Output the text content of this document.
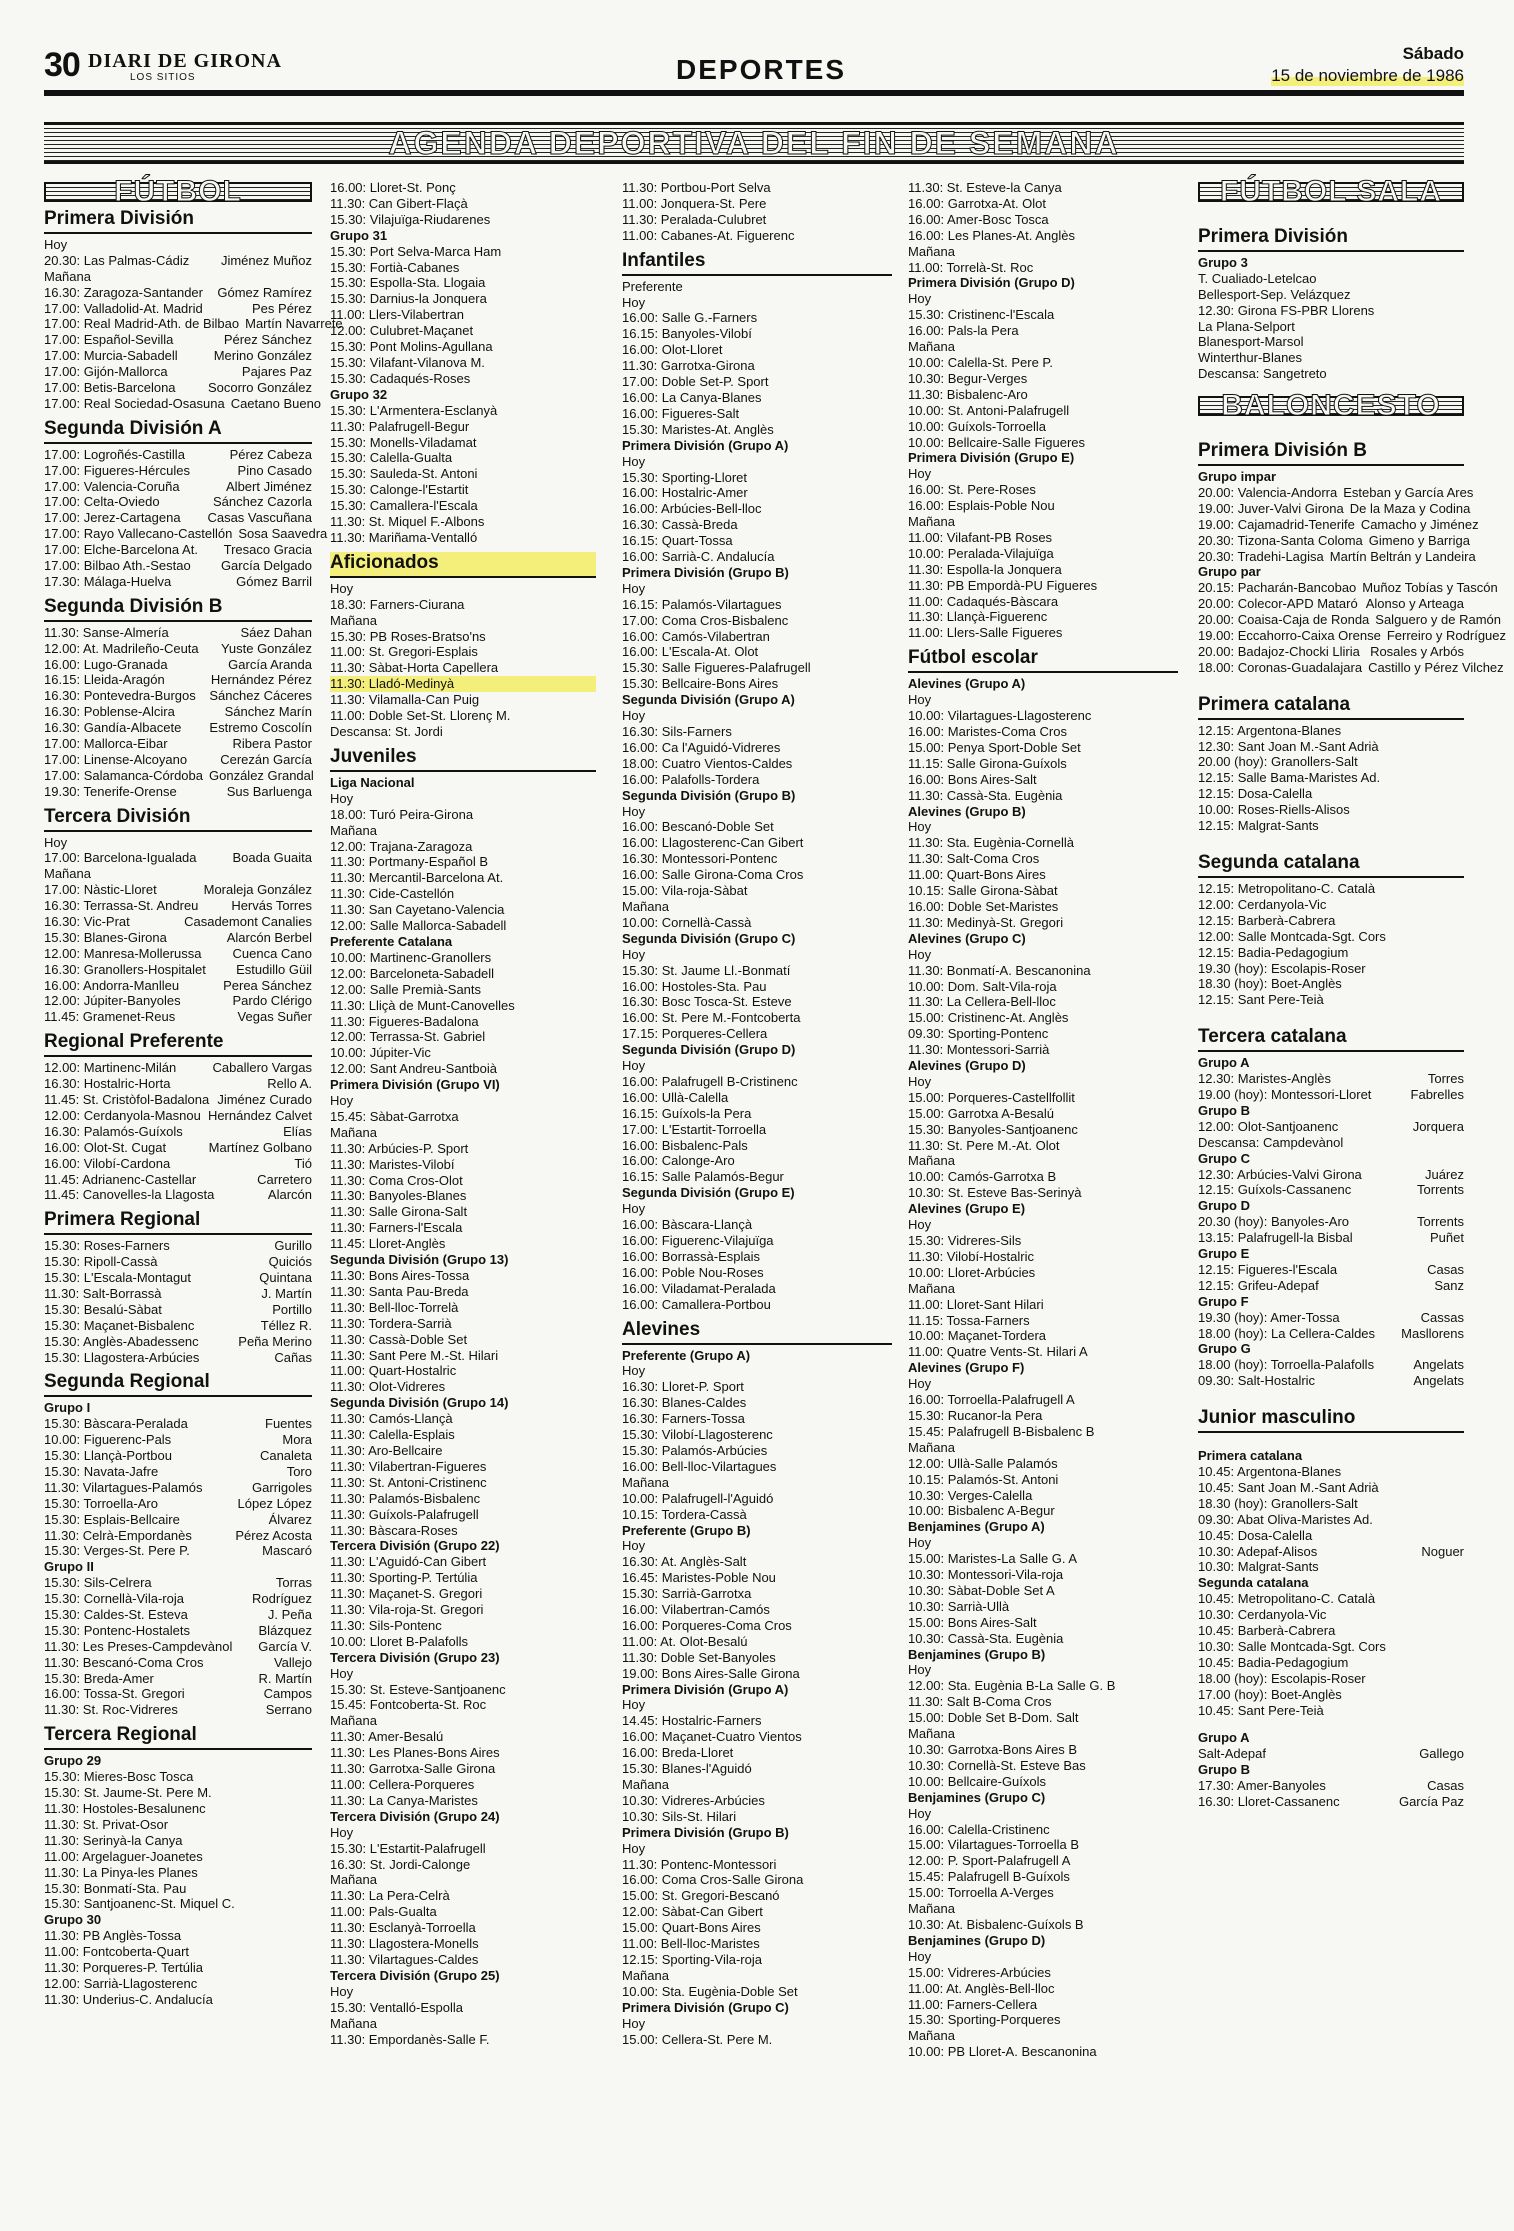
30 DIARI DE GIRONA
LOS SITIOS	DEPORTES
Sábado
15 de noviembre de 1986
AGENDA DEPORTIVA DEL FIN DE SEMANA
FÚTBOL
Primera División
Hoy
20.30: Las Palmas-Cádiz	Jiménez Muñoz
Mañana
16.30: Zaragoza-Santander	Gómez Ramírez
17.00: Valladolid-At. Madrid	Pes Pérez
17.00: Real Madrid-Ath. de Bilbao Martín Navarrete
17.00: Español-Sevilla	Pérez Sánchez
17.00: Murcia-Sabadell	Merino González
17.00: Gijón-Mallorca	Pajares Paz
17.00: Betis-Barcelona	Socorro González
17.00: Real Sociedad-Osasuna Caetano Bueno
Segunda División A
17.00: Logroñés-Castilla	Pérez Cabeza
17.00: Figueres-Hércules	Pino Casado
17.00: Valencia-Coruña	Albert Jiménez
17.00: Celta-Oviedo	Sánchez Cazorla
17.00: Jerez-Cartagena	Casas Vascuñana
17.00: Rayo Vallecano-Castellón Sosa Saavedra
17.00: Elche-Barcelona At.	Tresaco Gracia
17.00: Bilbao Ath.-Sestao	García Delgado
17.30: Málaga-Huelva	Gómez Barril
Segunda División B
11.30: Sanse-Almería	Sáez Dahan
12.00: At. Madrileño-Ceuta	Yuste González
16.00: Lugo-Granada	García Aranda
16.15: Lleida-Aragón	Hernández Pérez
16.30: Pontevedra-Burgos	Sánchez Cáceres
16.30: Poblense-Alcira	Sánchez Marín
16.30: Gandía-Albacete	Estremo Coscolín
17.00: Mallorca-Eibar	Ribera Pastor
17.00: Linense-Alcoyano	Cerezán García
17.00: Salamanca-Córdoba González Grandal
19.30: Tenerife-Orense	Sus Barluenga
Tercera División
Hoy
17.00: Barcelona-Igualada	Boada Guaita
Mañana
17.00: Nàstic-Lloret	Moraleja González
16.30: Terrassa-St. Andreu	Hervás Torres
16.30: Vic-Prat	Casademont Canalies
15.30: Blanes-Girona	Alarcón Berbel
12.00: Manresa-Mollerussa	Cuenca Cano
16.30: Granollers-Hospitalet	Estudillo Güil
16.00: Andorra-Manlleu	Perea Sánchez
12.00: Júpiter-Banyoles	Pardo Clérigo
11.45: Gramenet-Reus	Vegas Suñer
Regional Preferente
12.00: Martinenc-Milán	Caballero Vargas
16.30: Hostalric-Horta	Rello A.
11.45: St. Cristòfol-Badalona Jiménez Curado
12.00: Cerdanyola-Masnou Hernández Calvet
16.30: Palamós-Guíxols	Elías
16.00: Olot-St. Cugat	Martínez Golbano
16.00: Vilobí-Cardona	Tió
11.45: Adrianenc-Castellar	Carretero
11.45: Canovelles-la Llagosta	Alarcón
Primera Regional
15.30: Roses-Farners	Gurillo
15.30: Ripoll-Cassà	Quiciós
15.30: L'Escala-Montagut	Quintana
11.30: Salt-Borrassà	J. Martín
15.30: Besalú-Sàbat	Portillo
15.30: Maçanet-Bisbalenc	Téllez R.
15.30: Anglès-Abadessenc	Peña Merino
15.30: Llagostera-Arbúcies	Cañas
Segunda Regional
Grupo I
15.30: Bàscara-Peralada	Fuentes
10.00: Figuerenc-Pals	Mora
15.30: Llançà-Portbou	Canaleta
15.30: Navata-Jafre	Toro
11.30: Vilartagues-Palamós	Garrigoles
15.30: Torroella-Aro	López López
15.30: Esplais-Bellcaire	Álvarez
11.30: Celrà-Empordanès	Pérez Acosta
15.30: Verges-St. Pere P.	Mascaró
Grupo II
15.30: Sils-Celrera	Torras
15.30: Cornellà-Vila-roja	Rodríguez
15.30: Caldes-St. Esteva	J. Peña
15.30: Pontenc-Hostalets	Blázquez
11.30: Les Preses-Campdevànol	García V.
11.30: Bescanó-Coma Cros	Vallejo
15.30: Breda-Amer	R. Martín
16.00: Tossa-St. Gregori	Campos
11.30: St. Roc-Vidreres	Serrano
Tercera Regional
Grupo 29
15.30: Mieres-Bosc Tosca
15.30: St. Jaume-St. Pere M.
11.30: Hostoles-Besalunenc
11.30: St. Privat-Osor
11.30: Serinyà-la Canya
11.00: Argelaguer-Joanetes
11.30: La Pinya-les Planes
15.30: Bonmatí-Sta. Pau
15.30: Santjoanenc-St. Miquel C.
Grupo 30
11.30: PB Anglès-Tossa
11.00: Fontcoberta-Quart
11.30: Porqueres-P. Tertúlia
12.00: Sarrià-Llagosterenc
11.30: Underius-C. Andalucía
16.00: Lloret-St. Ponç
11.30: Can Gibert-Flaçà
15.30: Vilajuïga-Riudarenes
Grupo 31
15.30: Port Selva-Marca Ham
15.30: Fortià-Cabanes
15.30: Espolla-Sta. Llogaia
15.30: Darnius-la Jonquera
11.00: Llers-Vilabertran
12.00: Culubret-Maçanet
15.30: Pont Molins-Agullana
15.30: Vilafant-Vilanova M.
15.30: Cadaqués-Roses
Grupo 32
15.30: L'Armentera-Esclanyà
11.30: Palafrugell-Begur
15.30: Monells-Viladamat
15.30: Calella-Gualta
15.30: Sauleda-St. Antoni
15.30: Calonge-l'Estartit
15.30: Camallera-l'Escala
11.30: St. Miquel F.-Albons
11.30: Mariñama-Ventalló
Aficionados
Hoy
18.30: Farners-Ciurana
Mañana
15.30: PB Roses-Bratso'ns
11.00: St. Gregori-Esplais
11.30: Sàbat-Horta Capellera
11.30: Lladó-Medinyà
11.30: Vilamalla-Can Puig
11.00: Doble Set-St. Llorenç M.
Descansa: St. Jordi
Juveniles
Liga Nacional
Hoy
18.00: Turó Peira-Girona
Mañana
12.00: Trajana-Zaragoza
11.30: Portmany-Español B
11.30: Mercantil-Barcelona At.
11.30: Cide-Castellón
11.30: San Cayetano-Valencia
12.00: Salle Mallorca-Sabadell
Preferente Catalana
10.00: Martinenc-Granollers
12.00: Barceloneta-Sabadell
12.00: Salle Premià-Sants
11.30: Lliçà de Munt-Canovelles
11.30: Figueres-Badalona
12.00: Terrassa-St. Gabriel
10.00: Júpiter-Vic
12.00: Sant Andreu-Santboià
Primera División (Grupo VI)
Hoy
15.45: Sàbat-Garrotxa
Mañana
11.30: Arbúcies-P. Sport
11.30: Maristes-Vilobí
11.30: Coma Cros-Olot
11.30: Banyoles-Blanes
11.30: Salle Girona-Salt
11.30: Farners-l'Escala
11.45: Lloret-Anglès
Segunda División (Grupo 13)
11.30: Bons Aires-Tossa
11.30: Santa Pau-Breda
11.30: Bell-lloc-Torrelà
11.30: Tordera-Sarrià
11.30: Cassà-Doble Set
11.30: Sant Pere M.-St. Hilari
11.00: Quart-Hostalric
11.30: Olot-Vidreres
Segunda División (Grupo 14)
11.30: Camós-Llançà
11.30: Calella-Esplais
11.30: Aro-Bellcaire
11.30: Vilabertran-Figueres
11.30: St. Antoni-Cristinenc
11.30: Palamós-Bisbalenc
11.30: Guíxols-Palafrugell
11.30: Bàscara-Roses
Tercera División (Grupo 22)
11.30: L'Aguidó-Can Gibert
11.30: Sporting-P. Tertúlia
11.30: Maçanet-S. Gregori
11.30: Vila-roja-St. Gregori
11.30: Sils-Pontenc
10.00: Lloret B-Palafolls
Tercera División (Grupo 23)
Hoy
15.30: St. Esteve-Santjoanenc
15.45: Fontcoberta-St. Roc
Mañana
11.30: Amer-Besalú
11.30: Les Planes-Bons Aires
11.30: Garrotxa-Salle Girona
11.00: Cellera-Porqueres
11.30: La Canya-Maristes
Tercera División (Grupo 24)
Hoy
15.30: L'Estartit-Palafrugell
16.30: St. Jordi-Calonge
Mañana
11.30: La Pera-Celrà
11.00: Pals-Gualta
11.30: Esclanyà-Torroella
11.30: Llagostera-Monells
11.30: Vilartagues-Caldes
Tercera División (Grupo 25)
Hoy
15.30: Ventalló-Espolla
Mañana
11.30: Empordanès-Salle F.
11.30: Portbou-Port Selva
11.00: Jonquera-St. Pere
11.30: Peralada-Culubret
11.00: Cabanes-At. Figuerenc
Infantiles
Preferente
Hoy
16.00: Salle G.-Farners
16.15: Banyoles-Vilobí
16.00: Olot-Lloret
11.30: Garrotxa-Girona
17.00: Doble Set-P. Sport
16.00: La Canya-Blanes
16.00: Figueres-Salt
15.30: Maristes-At. Anglès
Primera División (Grupo A)
Hoy
15.30: Sporting-Lloret
16.00: Hostalric-Amer
16.00: Arbúcies-Bell-lloc
16.30: Cassà-Breda
16.15: Quart-Tossa
16.00: Sarrià-C. Andalucía
Primera División (Grupo B)
Hoy
16.15: Palamós-Vilartagues
17.00: Coma Cros-Bisbalenc
16.00: Camós-Vilabertran
16.00: L'Escala-At. Olot
15.30: Salle Figueres-Palafrugell
15.30: Bellcaire-Bons Aires
Segunda División (Grupo A)
Hoy
16.30: Sils-Farners
16.00: Ca l'Aguidó-Vidreres
18.00: Cuatro Vientos-Caldes
16.00: Palafolls-Tordera
Segunda División (Grupo B)
Hoy
16.00: Bescanó-Doble Set
16.00: Llagosterenc-Can Gibert
16.30: Montessori-Pontenc
16.00: Salle Girona-Coma Cros
15.00: Vila-roja-Sàbat
Mañana
10.00: Cornellà-Cassà
Segunda División (Grupo C)
Hoy
15.30: St. Jaume Ll.-Bonmatí
16.00: Hostoles-Sta. Pau
16.30: Bosc Tosca-St. Esteve
16.00: St. Pere M.-Fontcoberta
17.15: Porqueres-Cellera
Segunda División (Grupo D)
Hoy
16.00: Palafrugell B-Cristinenc
16.00: Ullà-Calella
16.15: Guíxols-la Pera
17.00: L'Estartit-Torroella
16.00: Bisbalenc-Pals
16.00: Calonge-Aro
16.15: Salle Palamós-Begur
Segunda División (Grupo E)
Hoy
16.00: Bàscara-Llançà
16.00: Figuerenc-Vilajuïga
16.00: Borrassà-Esplais
16.00: Poble Nou-Roses
16.00: Viladamat-Peralada
16.00: Camallera-Portbou
Alevines
Preferente (Grupo A)
Hoy
16.30: Lloret-P. Sport
16.30: Blanes-Caldes
16.30: Farners-Tossa
15.30: Vilobí-Llagosterenc
15.30: Palamós-Arbúcies
16.00: Bell-lloc-Vilartagues
Mañana
10.00: Palafrugell-l'Aguidó
10.15: Tordera-Cassà
Preferente (Grupo B)
Hoy
16.30: At. Anglès-Salt
16.45: Maristes-Poble Nou
15.30: Sarrià-Garrotxa
16.00: Vilabertran-Camós
16.00: Porqueres-Coma Cros
11.00: At. Olot-Besalú
11.30: Doble Set-Banyoles
19.00: Bons Aires-Salle Girona
Primera División (Grupo A)
Hoy
14.45: Hostalric-Farners
16.00: Maçanet-Cuatro Vientos
16.00: Breda-Lloret
15.30: Blanes-l'Aguidó
Mañana
10.30: Vidreres-Arbúcies
10.30: Sils-St. Hilari
Primera División (Grupo B)
Hoy
11.30: Pontenc-Montessori
16.00: Coma Cros-Salle Girona
15.00: St. Gregori-Bescanó
12.00: Sàbat-Can Gibert
15.00: Quart-Bons Aires
11.00: Bell-lloc-Maristes
12.15: Sporting-Vila-roja
Mañana
10.00: Sta. Eugènia-Doble Set
Primera División (Grupo C)
Hoy
15.00: Cellera-St. Pere M.
11.30: St. Esteve-la Canya
16.00: Garrotxa-At. Olot
16.00: Amer-Bosc Tosca
16.00: Les Planes-At. Anglès
Mañana
11.00: Torrelà-St. Roc
Primera División (Grupo D)
Hoy
15.30: Cristinenc-l'Escala
16.00: Pals-la Pera
Mañana
10.00: Calella-St. Pere P.
10.30: Begur-Verges
11.30: Bisbalenc-Aro
10.00: St. Antoni-Palafrugell
10.00: Guíxols-Torroella
10.00: Bellcaire-Salle Figueres
Primera División (Grupo E)
Hoy
16.00: St. Pere-Roses
16.00: Esplais-Poble Nou
Mañana
11.00: Vilafant-PB Roses
10.00: Peralada-Vilajuïga
11.30: Espolla-la Jonquera
11.30: PB Empordà-PU Figueres
11.00: Cadaqués-Bàscara
11.30: Llançà-Figuerenc
11.00: Llers-Salle Figueres
Fútbol escolar
Alevines (Grupo A)
Hoy
10.00: Vilartagues-Llagosterenc
16.00: Maristes-Coma Cros
15.00: Penya Sport-Doble Set
11.15: Salle Girona-Guíxols
16.00: Bons Aires-Salt
11.30: Cassà-Sta. Eugènia
Alevines (Grupo B)
Hoy
11.30: Sta. Eugènia-Cornellà
11.30: Salt-Coma Cros
11.00: Quart-Bons Aires
10.15: Salle Girona-Sàbat
16.00: Doble Set-Maristes
11.30: Medinyà-St. Gregori
Alevines (Grupo C)
Hoy
11.30: Bonmatí-A. Bescanonina
10.00: Dom. Salt-Vila-roja
11.30: La Cellera-Bell-lloc
15.00: Cristinenc-At. Anglès
09.30: Sporting-Pontenc
11.30: Montessori-Sarrià
Alevines (Grupo D)
Hoy
15.00: Porqueres-Castellfollit
15.00: Garrotxa A-Besalú
15.30: Banyoles-Santjoanenc
11.30: St. Pere M.-At. Olot
Mañana
10.00: Camós-Garrotxa B
10.30: St. Esteve Bas-Serinyà
Alevines (Grupo E)
Hoy
15.30: Vidreres-Sils
11.30: Vilobí-Hostalric
10.00: Lloret-Arbúcies
Mañana
11.00: Lloret-Sant Hilari
11.15: Tossa-Farners
10.00: Maçanet-Tordera
11.00: Quatre Vents-St. Hilari A
Alevines (Grupo F)
Hoy
16.00: Torroella-Palafrugell A
15.30: Rucanor-la Pera
15.45: Palafrugell B-Bisbalenc B
Mañana
12.00: Ullà-Salle Palamós
10.15: Palamós-St. Antoni
10.30: Verges-Calella
10.00: Bisbalenc A-Begur
Benjamines (Grupo A)
Hoy
15.00: Maristes-La Salle G. A
10.30: Montessori-Vila-roja
10.30: Sàbat-Doble Set A
10.30: Sarrià-Ullà
15.00: Bons Aires-Salt
10.30: Cassà-Sta. Eugènia
Benjamines (Grupo B)
Hoy
12.00: Sta. Eugènia B-La Salle G. B
11.30: Salt B-Coma Cros
15.00: Doble Set B-Dom. Salt
Mañana
10.30: Garrotxa-Bons Aires B
10.30: Cornellà-St. Esteve Bas
10.00: Bellcaire-Guíxols
Benjamines (Grupo C)
Hoy
16.00: Calella-Cristinenc
15.00: Vilartagues-Torroella B
12.00: P. Sport-Palafrugell A
15.45: Palafrugell B-Guíxols
15.00: Torroella A-Verges
Mañana
10.30: At. Bisbalenc-Guíxols B
Benjamines (Grupo D)
Hoy
15.00: Vidreres-Arbúcies
11.00: At. Anglès-Bell-lloc
11.00: Farners-Cellera
15.30: Sporting-Porqueres
Mañana
10.00: PB Lloret-A. Bescanonina
FÚTBOL SALA
Primera División
Grupo 3
T. Cualiado-Letelcao
Bellesport-Sep. Velázquez
12.30: Girona FS-PBR Llorens
La Plana-Selport
Blanesport-Marsol
Winterthur-Blanes
Descansa: Sangetreto
BALONCESTO
Primera División B
Grupo impar
20.00: Valencia-Andorra Esteban y García Ares
19.00: Juver-Valvi Girona De la Maza y Codina
19.00: Cajamadrid-Tenerife Camacho y Jiménez
20.30: Tizona-Santa Coloma Gimeno y Barriga
20.30: Tradehi-Lagisa Martín Beltrán y Landeira
Grupo par
20.15: Pacharán-Bancobao Muñoz Tobías y Tascón
20.00: Colecor-APD Mataró Alonso y Arteaga
20.00: Coaisa-Caja de Ronda Salguero y de Ramón
19.00: Eccahorro-Caixa Orense Ferreiro y Rodríguez
20.00: Badajoz-Chocki Lliria Rosales y Arbós
18.00: Coronas-Guadalajara Castillo y Pérez Vilchez
Primera catalana
12.15: Argentona-Blanes
12.30: Sant Joan M.-Sant Adrià
20.00 (hoy): Granollers-Salt
12.15: Salle Bama-Maristes Ad.
12.15: Dosa-Calella
10.00: Roses-Riells-Alisos
12.15: Malgrat-Sants
Segunda catalana
12.15: Metropolitano-C. Català
12.00: Cerdanyola-Vic
12.15: Barberà-Cabrera
12.00: Salle Montcada-Sgt. Cors
12.15: Badia-Pedagogium
19.30 (hoy): Escolapis-Roser
18.30 (hoy): Boet-Anglès
12.15: Sant Pere-Teià
Tercera catalana
Grupo A
12.30: Maristes-Anglès	Torres
19.00 (hoy): Montessori-Lloret	Fabrelles
Grupo B
12.00: Olot-Santjoanenc	Jorquera
Descansa: Campdevànol
Grupo C
12.30: Arbúcies-Valvi Girona	Juárez
12.15: Guíxols-Cassanenc	Torrents
Grupo D
20.30 (hoy): Banyoles-Aro	Torrents
13.15: Palafrugell-la Bisbal	Puñet
Grupo E
12.15: Figueres-l'Escala	Casas
12.15: Grifeu-Adepaf	Sanz
Grupo F
19.30 (hoy): Amer-Tossa	Cassas
18.00 (hoy): La Cellera-Caldes	Masllorens
Grupo G
18.00 (hoy): Torroella-Palafolls	Angelats
09.30: Salt-Hostalric	Angelats
Junior masculino
Primera catalana
10.45: Argentona-Blanes
10.45: Sant Joan M.-Sant Adrià
18.30 (hoy): Granollers-Salt
09.30: Abat Oliva-Maristes Ad.
10.45: Dosa-Calella
10.30: Adepaf-Alisos	Noguer
10.30: Malgrat-Sants
Segunda catalana
10.45: Metropolitano-C. Català
10.30: Cerdanyola-Vic
10.45: Barberà-Cabrera
10.30: Salle Montcada-Sgt. Cors
10.45: Badia-Pedagogium
18.00 (hoy): Escolapis-Roser
17.00 (hoy): Boet-Anglès
10.45: Sant Pere-Teià
Grupo A
Salt-Adepaf	Gallego
Grupo B
17.30: Amer-Banyoles	Casas
16.30: Lloret-Cassanenc	García Paz
